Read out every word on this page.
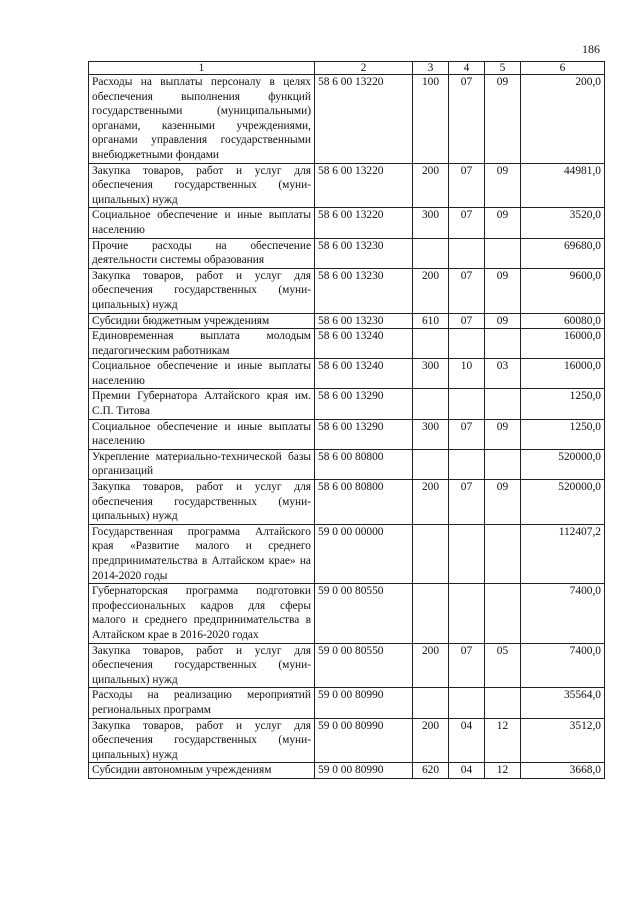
186
1	2	3	4	5	6
Расходы на выплаты персоналу в целях обеспечения выполнения функций государственными (муниципальными) органами, казенными учреждениями, органами управления государственными внебюджетными фондами	58 6 00 13220	100	07	09	200,0
Закупка товаров, работ и услуг для обеспечения государственных (муниципальных) нужд	58 6 00 13220	200	07	09	44981,0
Социальное обеспечение и иные выплаты населению	58 6 00 13220	300	07	09	3520,0
Прочие расходы на обеспечение деятельности системы образования	58 6 00 13230				69680,0
Закупка товаров, работ и услуг для обеспечения государственных (муниципальных) нужд	58 6 00 13230	200	07	09	9600,0
Субсидии бюджетным учреждениям	58 6 00 13230	610	07	09	60080,0
Единовременная выплата молодым педагогическим работникам	58 6 00 13240				16000,0
Социальное обеспечение и иные выплаты населению	58 6 00 13240	300	10	03	16000,0
Премии Губернатора Алтайского края им. С.П. Титова	58 6 00 13290				1250,0
Социальное обеспечение и иные выплаты населению	58 6 00 13290	300	07	09	1250,0
Укрепление материально-технической базы организаций	58 6 00 80800				520000,0
Закупка товаров, работ и услуг для обеспечения государственных (муниципальных) нужд	58 6 00 80800	200	07	09	520000,0
Государственная программа Алтайского края «Развитие малого и среднего предпринимательства в Алтайском крае» на 2014-2020 годы	59 0 00 00000				112407,2
Губернаторская программа подготовки профессиональных кадров для сферы малого и среднего предпринимательства в Алтайском крае в 2016-2020 годах	59 0 00 80550				7400,0
Закупка товаров, работ и услуг для обеспечения государственных (муниципальных) нужд	59 0 00 80550	200	07	05	7400,0
Расходы на реализацию мероприятий региональных программ	59 0 00 80990				35564,0
Закупка товаров, работ и услуг для обеспечения государственных (муниципальных) нужд	59 0 00 80990	200	04	12	3512,0
Субсидии автономным учреждениям	59 0 00 80990	620	04	12	3668,0
